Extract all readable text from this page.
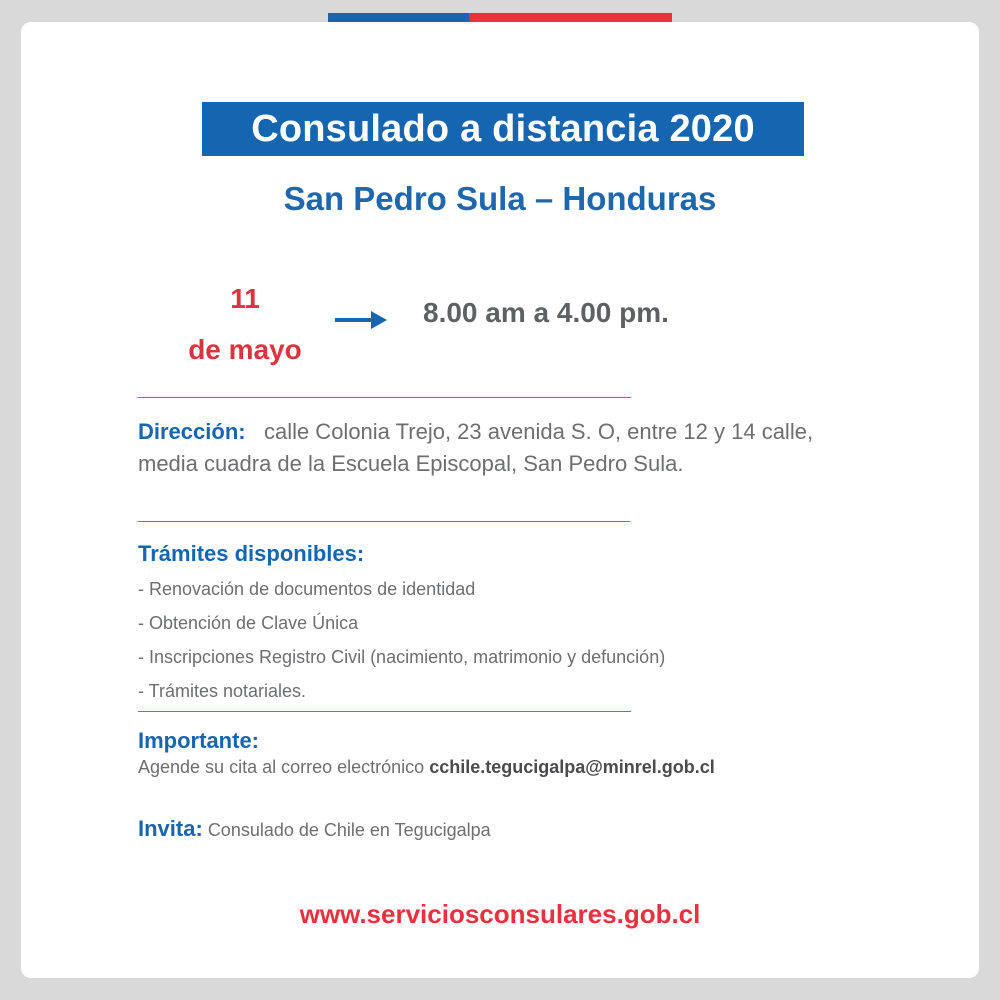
Consulado a distancia 2020
San Pedro Sula – Honduras
11
de mayo
8.00 am a 4.00 pm.
Dirección: calle Colonia Trejo, 23 avenida S. O, entre 12 y 14 calle, media cuadra de la Escuela Episcopal, San Pedro Sula.
Trámites disponibles:
- Renovación de documentos de identidad
- Obtención de Clave Única
- Inscripciones Registro Civil (nacimiento, matrimonio y defunción)
- Trámites notariales.
Importante:
Agende su cita al correo electrónico cchile.tegucigalpa@minrel.gob.cl
Invita: Consulado de Chile en Tegucigalpa
www.serviciosconsulares.gob.cl
